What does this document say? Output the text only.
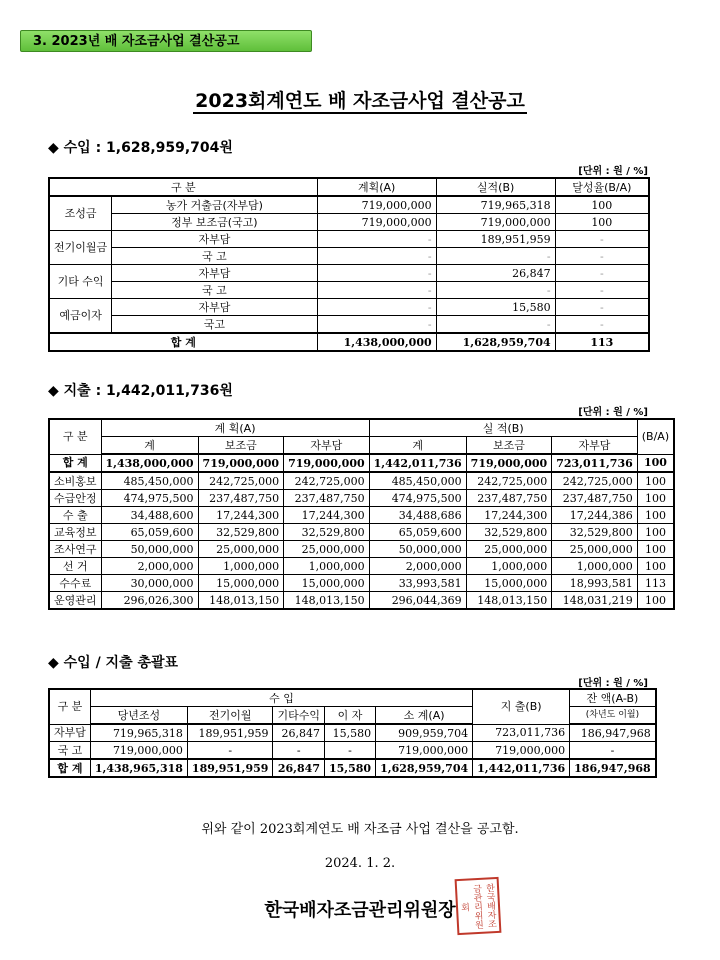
3. 2023년 배 자조금사업 결산공고
2023회계연도 배 자조금사업 결산공고
◆ 수입 : 1,628,959,704원
[단위 : 원 / %]
구 분		계획(A)	실적(B)	달성율(B/A)
조성금	농가 거출금(자부담)	719,000,000	719,965,318	100
	정부 보조금(국고)	719,000,000	719,000,000	100
전기이월금	자부담	-	189,951,959	-
	국 고	-	-	-
기타 수익	자부담	-	26,847	-
	국 고	-	-	-
예금이자	자부담	-	15,580	-
	국고	-	-	-
합 계		1,438,000,000	1,628,959,704	113
◆ 지출 : 1,442,011,736원
[단위 : 원 / %]
구 분	계 획(A)			실 적(B)			(B/A)
	계	보조금	자부담	계	보조금	자부담	
합 계	1,438,000,000	719,000,000	719,000,000	1,442,011,736	719,000,000	723,011,736	100
소비홍보	485,450,000	242,725,000	242,725,000	485,450,000	242,725,000	242,725,000	100
수급안정	474,975,500	237,487,750	237,487,750	474,975,500	237,487,750	237,487,750	100
수 출	34,488,600	17,244,300	17,244,300	34,488,686	17,244,300	17,244,386	100
교육정보	65,059,600	32,529,800	32,529,800	65,059,600	32,529,800	32,529,800	100
조사연구	50,000,000	25,000,000	25,000,000	50,000,000	25,000,000	25,000,000	100
선 거	2,000,000	1,000,000	1,000,000	2,000,000	1,000,000	1,000,000	100
수수료	30,000,000	15,000,000	15,000,000	33,993,581	15,000,000	18,993,581	113
운영관리	296,026,300	148,013,150	148,013,150	296,044,369	148,013,150	148,031,219	100
◆ 수입 / 지출 총괄표
[단위 : 원 / %]
구 분	수 입					지 출(B)	잔 액(A-B)
	당년조성	전기이월	기타수익	이 자	소 계(A)		(차년도 이월)
자부담	719,965,318	189,951,959	26,847	15,580	909,959,704	723,011,736	186,947,968
국 고	719,000,000	-	-	-	719,000,000	719,000,000	-
합 계	1,438,965,318	189,951,959	26,847	15,580	1,628,959,704	1,442,011,736	186,947,968
위와 같이 2023회계연도 배 자조금 사업 결산을 공고함.
2024. 1. 2.
한국배자조금관리위원장	한국배자조금관리위원회
